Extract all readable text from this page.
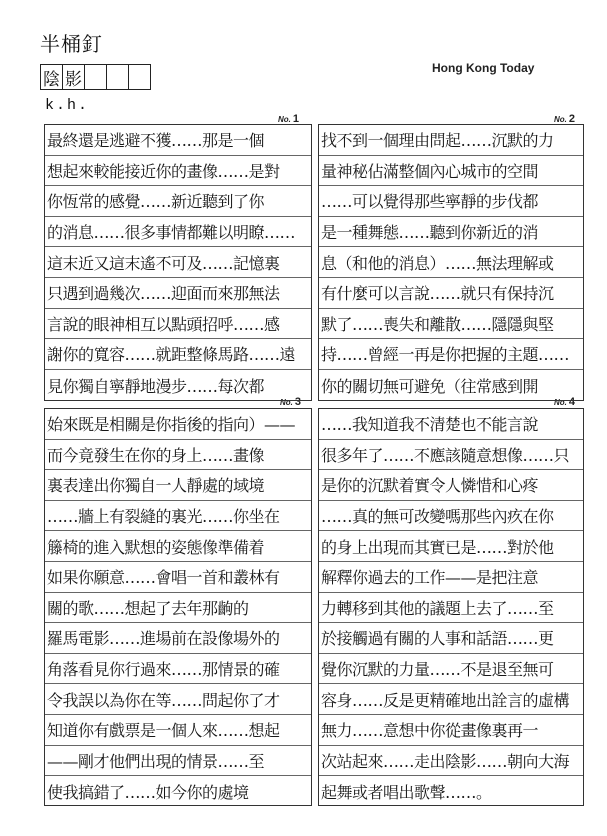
半桶釘
Hong Kong Today
陰 影
k.h.
No. 1	No. 2
No. 3	No. 4
最終還是逃避不獲……那是一個
想起來較能接近你的畫像……是對
你恆常的感覺……新近聽到了你
的消息……很多事情都難以明瞭……
這末近又這末遙不可及……記憶裏
只遇到過幾次……迎面而來那無法
言說的眼神相互以點頭招呼……感
謝你的寬容……就距整條馬路……遠
見你獨自寧靜地漫步……每次都
找不到一個理由問起……沉默的力
量神秘佔滿整個內心城市的空間
……可以覺得那些寧靜的步伐都
是一種舞態……聽到你新近的消
息（和他的消息）……無法理解或
有什麼可以言說……就只有保持沉
默了……喪失和離散……隱隱與堅
持……曾經一再是你把握的主題……
你的關切無可避免（往常感到開
始來既是相關是你指後的指向）——
而今竟發生在你的身上……畫像
裏表達出你獨自一人靜處的域境
……牆上有裂縫的裏光……你坐在
籐椅的進入默想的姿態像準備着
如果你願意……會唱一首和叢林有
關的歌……想起了去年那齣的
羅馬電影……進場前在設像場外的
角落看見你行過來……那情景的確
令我誤以為你在等……問起你了才
知道你有戲票是一個人來……想起
——剛才他們出現的情景……至
使我搞錯了……如今你的處境
……我知道我不清楚也不能言說
很多年了……不應該隨意想像……只
是你的沉默着實令人憐惜和心疼
……真的無可改變嗎那些內疚在你
的身上出現而其實已是……對於他
解釋你過去的工作——是把注意
力轉移到其他的議題上去了……至
於接觸過有關的人事和話語……更
覺你沉默的力量……不是退至無可
容身……反是更精確地出詮言的虛構
無力……意想中你從畫像裏再一
次站起來……走出陰影……朝向大海
起舞或者唱出歌聲……。
